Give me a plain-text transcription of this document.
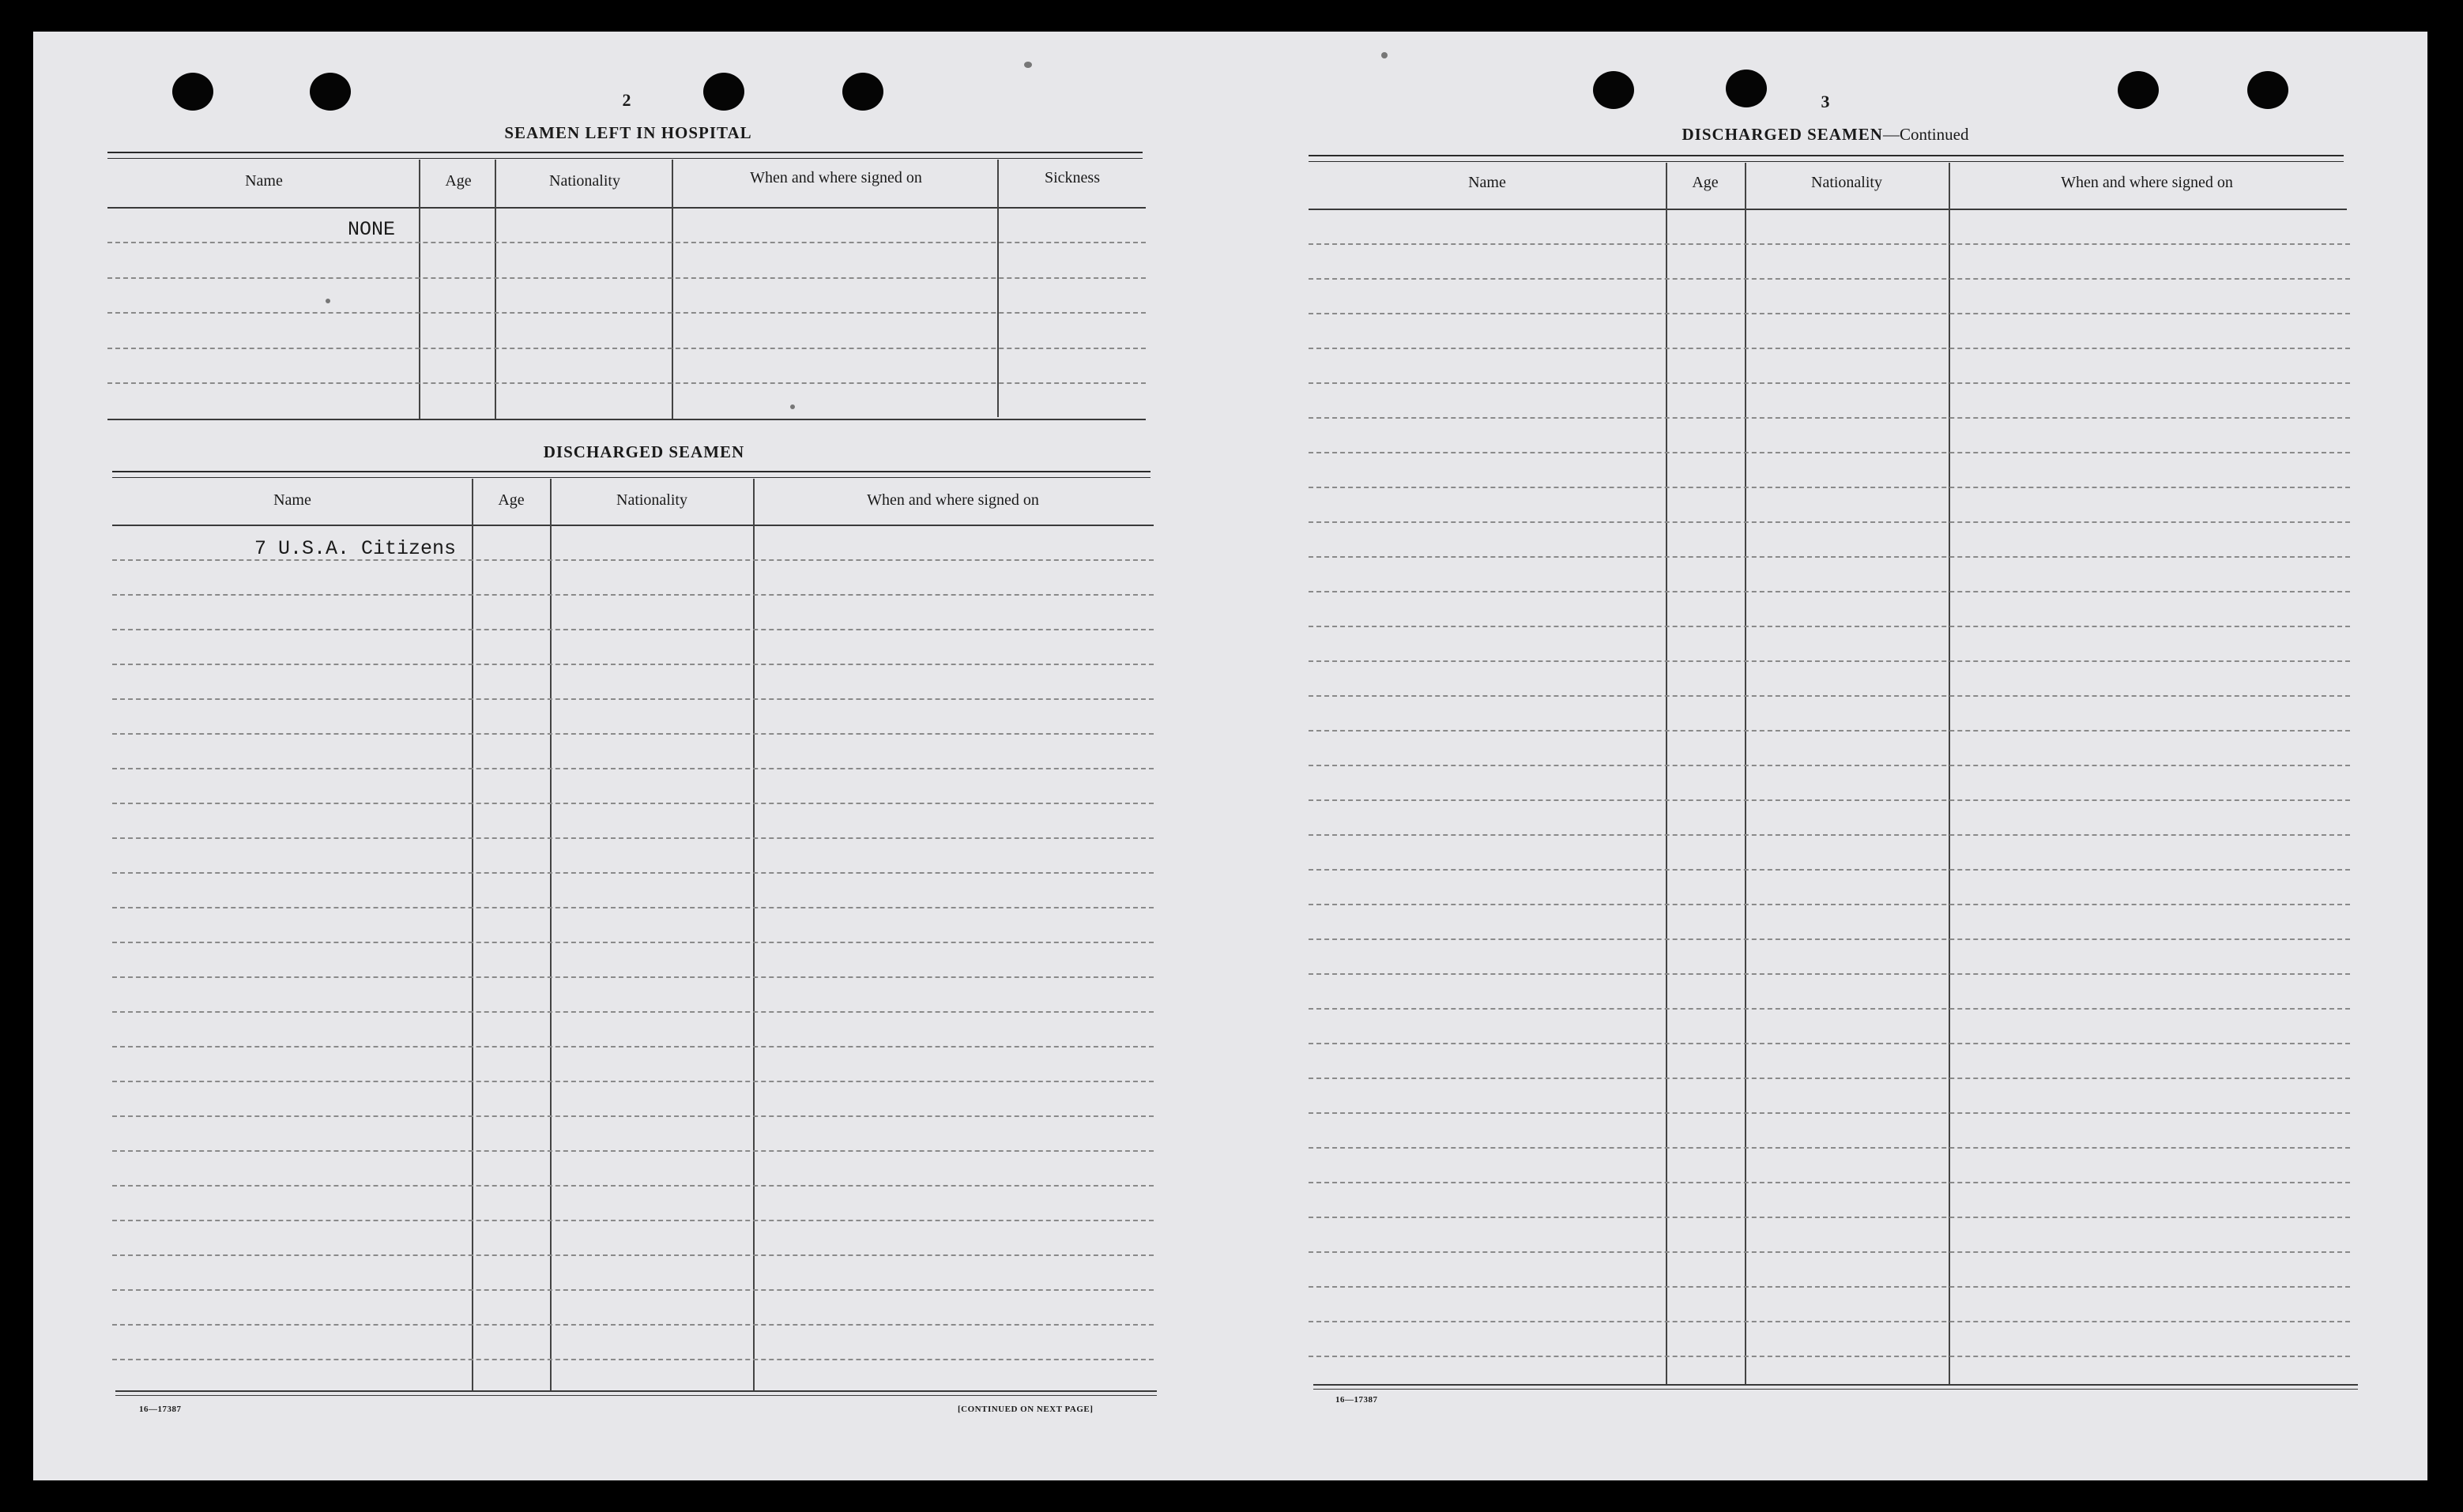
2
SEAMEN LEFT IN HOSPITAL
Name	Age	Nationality	When and where signed on	Sickness
NONE
DISCHARGED SEAMEN
Name	Age	Nationality	When and where signed on
7 U.S.A. Citizens
16—17387	[CONTINUED ON NEXT PAGE]
3
DISCHARGED SEAMEN—Continued
Name	Age	Nationality	When and where signed on
16—17387
